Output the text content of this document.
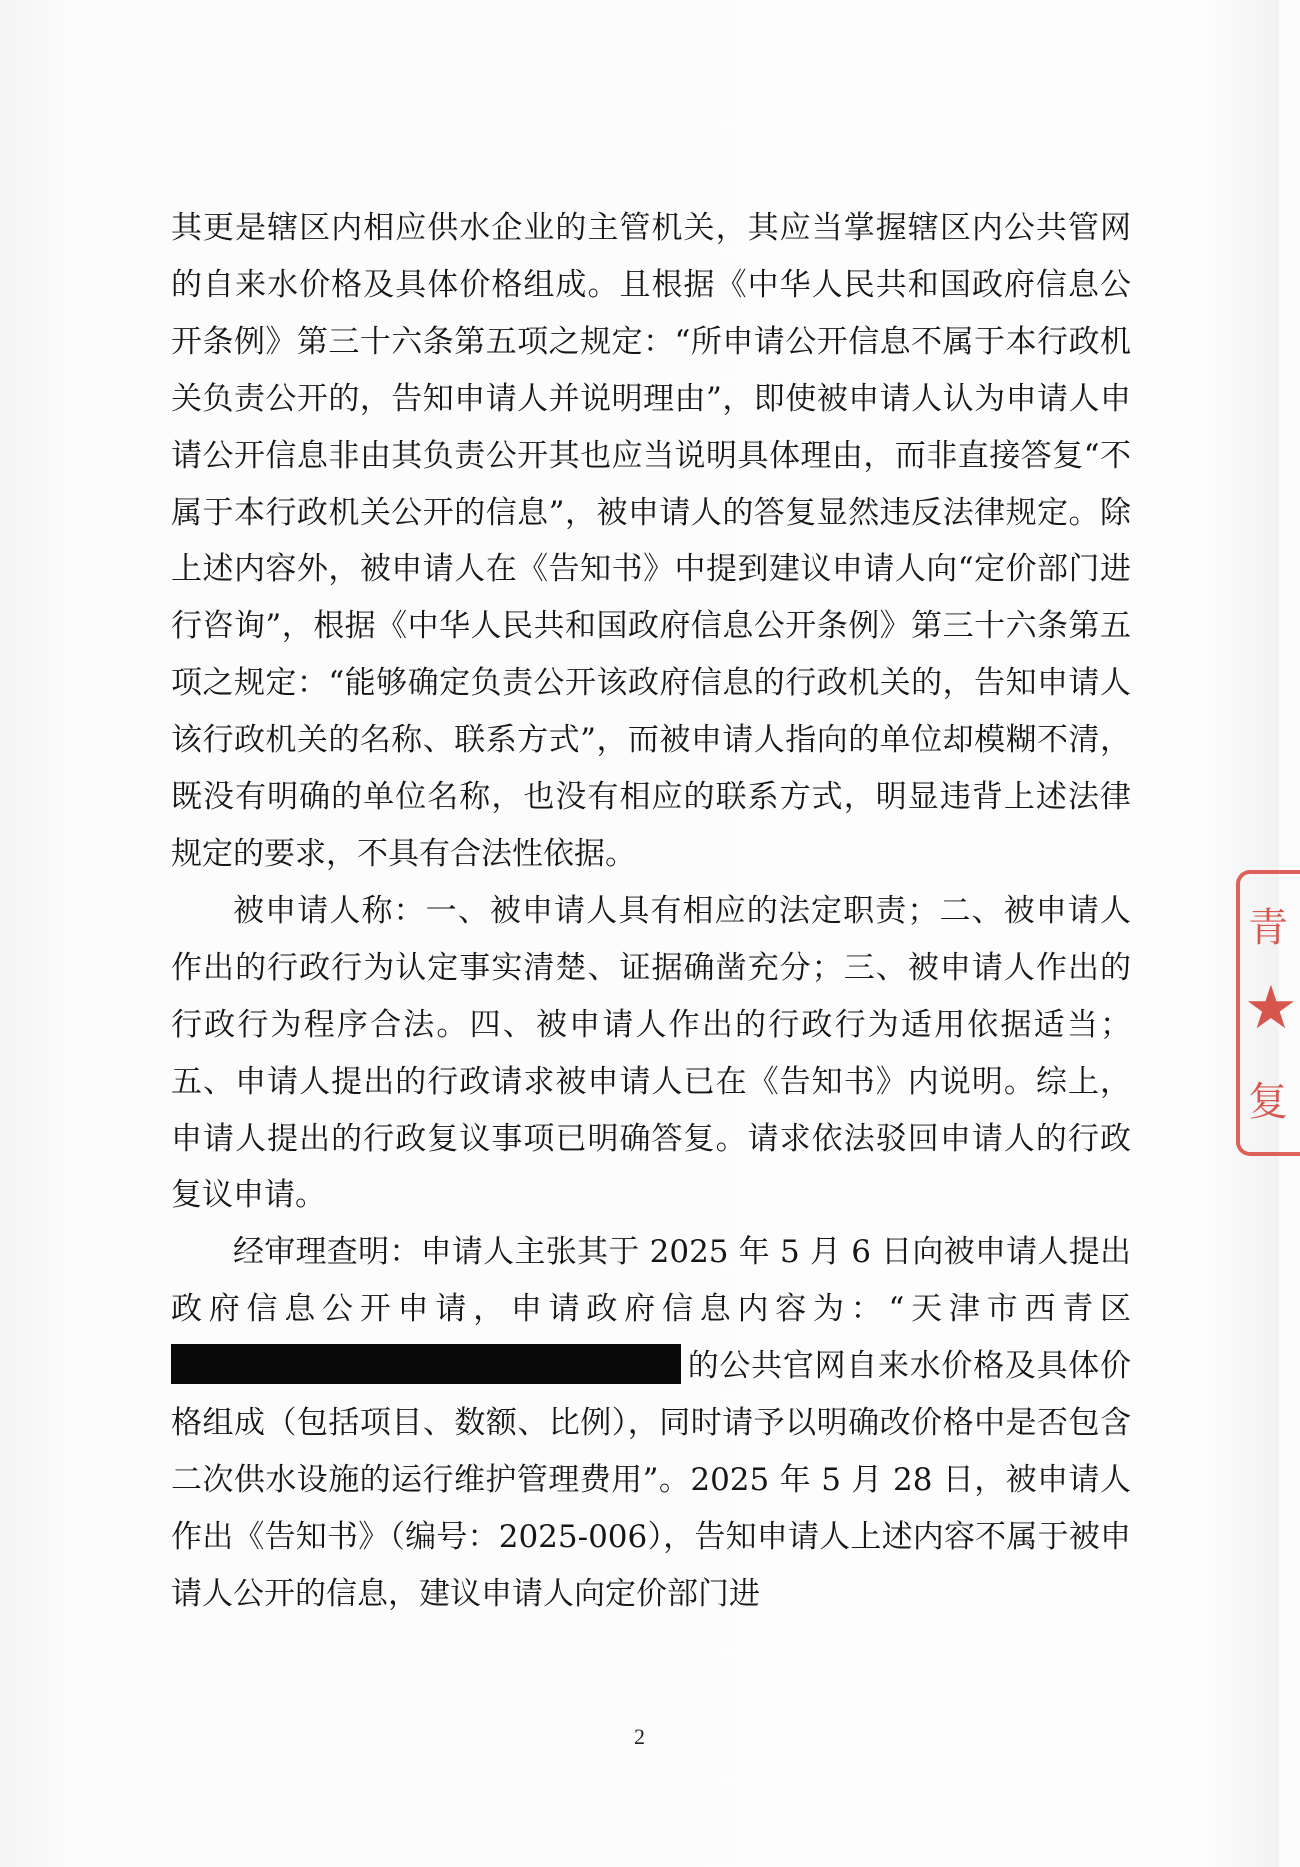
其更是辖区内相应供水企业的主管机关，其应当掌握辖区内公共管网的自来水价格及具体价格组成。且根据《中华人民共和国政府信息公开条例》第三十六条第五项之规定：“所申请公开信息不属于本行政机关负责公开的，告知申请人并说明理由”，即使被申请人认为申请人申请公开信息非由其负责公开其也应当说明具体理由，而非直接答复“不属于本行政机关公开的信息”，被申请人的答复显然违反法律规定。除上述内容外，被申请人在《告知书》中提到建议申请人向“定价部门进行咨询”，根据《中华人民共和国政府信息公开条例》第三十六条第五项之规定：“能够确定负责公开该政府信息的行政机关的，告知申请人该行政机关的名称、联系方式”，而被申请人指向的单位却模糊不清，既没有明确的单位名称，也没有相应的联系方式，明显违背上述法律规定的要求，不具有合法性依据。

被申请人称：一、被申请人具有相应的法定职责；二、被申请人作出的行政行为认定事实清楚、证据确凿充分；三、被申请人作出的行政行为程序合法。四、被申请人作出的行政行为适用依据适当；五、申请人提出的行政请求被申请人已在《告知书》内说明。综上，申请人提出的行政复议事项已明确答复。请求依法驳回申请人的行政复议申请。

经审理查明：申请人主张其于 2025 年 5 月 6 日向被申请人提出政府信息公开申请，申请政府信息内容为：“天津市西青区的公共官网自来水价格及具体价格组成（包括项目、数额、比例），同时请予以明确改价格中是否包含二次供水设施的运行维护管理费用”。2025 年 5 月 28 日，被申请人作出《告知书》（编号：2025-006），告知申请人上述内容不属于被申请人公开的信息，建议申请人向定价部门进

2
青
★
复
